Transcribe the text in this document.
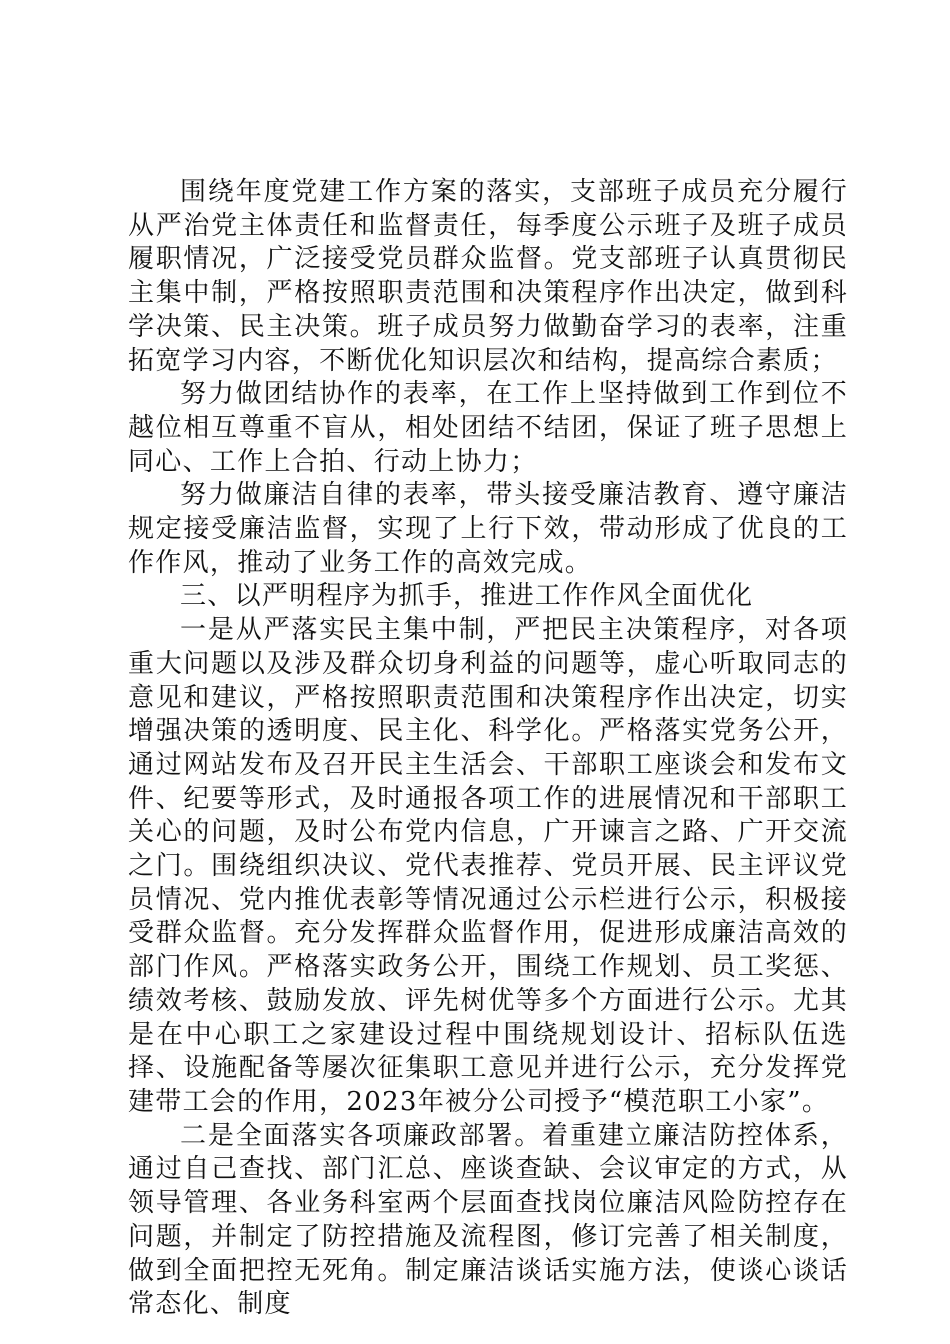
围绕年度党建工作方案的落实，支部班子成员充分履行从严治党主体责任和监督责任，每季度公示班子及班子成员履职情况，广泛接受党员群众监督。党支部班子认真贯彻民主集中制，严格按照职责范围和决策程序作出决定，做到科学决策、民主决策。班子成员努力做勤奋学习的表率，注重拓宽学习内容，不断优化知识层次和结构，提高综合素质；

努力做团结协作的表率，在工作上坚持做到工作到位不越位相互尊重不盲从，相处团结不结团，保证了班子思想上同心、工作上合拍、行动上协力；

努力做廉洁自律的表率，带头接受廉洁教育、遵守廉洁规定接受廉洁监督，实现了上行下效，带动形成了优良的工作作风，推动了业务工作的高效完成。

三、以严明程序为抓手，推进工作作风全面优化

一是从严落实民主集中制，严把民主决策程序，对各项重大问题以及涉及群众切身利益的问题等，虚心听取同志的意见和建议，严格按照职责范围和决策程序作出决定，切实增强决策的透明度、民主化、科学化。严格落实党务公开，通过网站发布及召开民主生活会、干部职工座谈会和发布文件、纪要等形式，及时通报各项工作的进展情况和干部职工关心的问题，及时公布党内信息，广开谏言之路、广开交流之门。围绕组织决议、党代表推荐、党员开展、民主评议党员情况、党内推优表彰等情况通过公示栏进行公示，积极接受群众监督。充分发挥群众监督作用，促进形成廉洁高效的部门作风。严格落实政务公开，围绕工作规划、员工奖惩、绩效考核、鼓励发放、评先树优等多个方面进行公示。尤其是在中心职工之家建设过程中围绕规划设计、招标队伍选择、设施配备等屡次征集职工意见并进行公示，充分发挥党建带工会的作用，2023年被分公司授予“模范职工小家”。

二是全面落实各项廉政部署。着重建立廉洁防控体系，通过自己查找、部门汇总、座谈查缺、会议审定的方式，从领导管理、各业务科室两个层面查找岗位廉洁风险防控存在问题，并制定了防控措施及流程图，修订完善了相关制度，做到全面把控无死角。制定廉洁谈话实施方法，使谈心谈话常态化、制度
